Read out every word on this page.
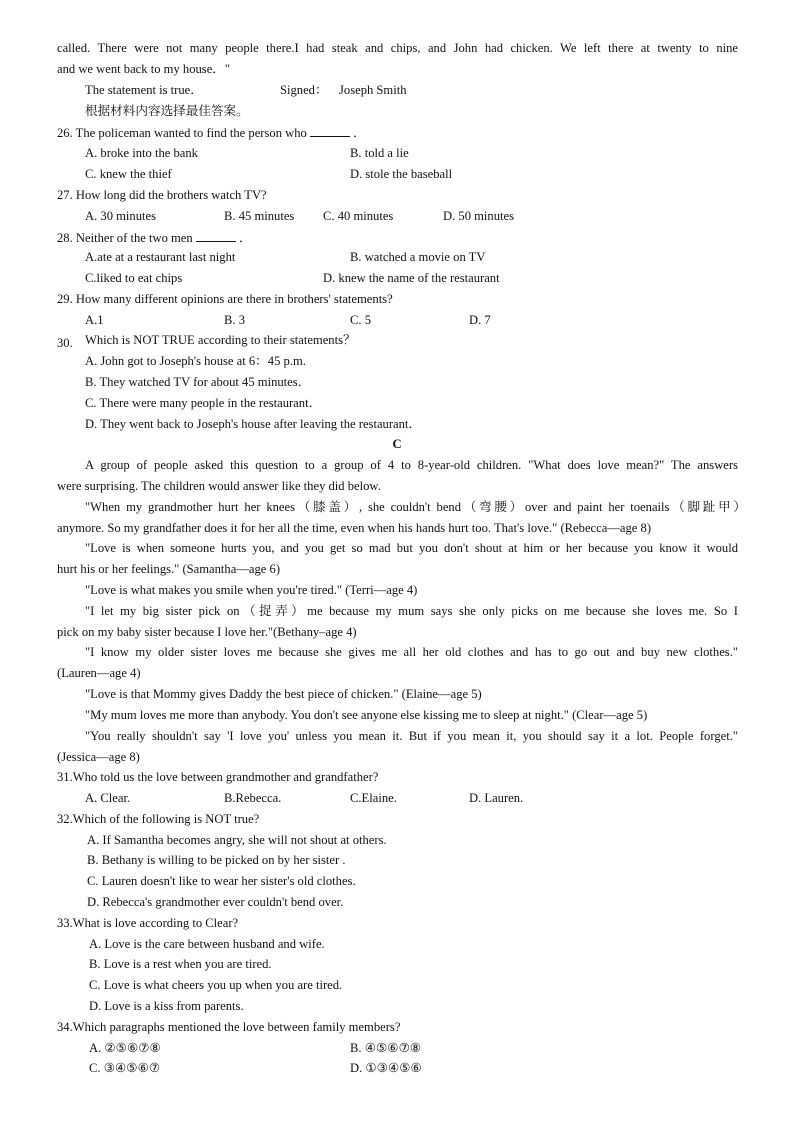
called. There were not many people there.I had steak and chips, and John had chicken. We left there at twenty to nine
and we went back to my house．"
The statement is true．	Signed： Joseph Smith
根据材料内容选择最佳答案。
26. The policeman wanted to find the person who	．
A. broke into the bank	B. told a lie
C. knew the thief	D. stole the baseball
27. How long did the brothers watch TV?
A. 30 minutes	B. 45 minutes C. 40 minutes	D. 50 minutes
28. Neither of the two men	．
A.ate at a restaurant last night	B. watched a movie on TV
C.liked to eat chips	D. knew the name of the restaurant
29. How many different opinions are there in brothers' statements?
A.1	B. 3	C. 5	D. 7
30. Which is NOT TRUE according to their statements？
A. John got to Joseph's house at 6：45 p.m.
B. They watched TV for about 45 minutes．
C. There were many people in the restaurant．
D. They went back to Joseph's house after leaving the restaurant．
C
A group of people asked this question to a group of 4 to 8-year-old children. "What does love mean?" The answers
were surprising. The children would answer like they did below.
"When my grandmother hurt her knees（膝盖）, she couldn't bend（弯腰）over and paint her toenails（脚趾甲）
anymore. So my grandfather does it for her all the time, even when his hands hurt too. That's love." (Rebecca—age 8)
"Love is when someone hurts you, and you get so mad but you don't shout at him or her because you know it would
hurt his or her feelings." (Samantha—age 6)
"Love is what makes you smile when you're tired." (Terri—age 4)
"I let my big sister pick on（捉弄）me because my mum says she only picks on me because she loves me. So I
pick on my baby sister because I love her."(Bethany–age 4)
"I know my older sister loves me because she gives me all her old clothes and has to go out and buy new clothes."
(Lauren—age 4)
"Love is that Mommy gives Daddy the best piece of chicken." (Elaine—age 5)
"My mum loves me more than anybody. You don't see anyone else kissing me to sleep at night." (Clear—age 5)
"You really shouldn't say 'I love you' unless you mean it. But if you mean it, you should say it a lot. People forget."
(Jessica—age 8)
31.Who told us the love between grandmother and grandfather?
A. Clear.	B.Rebecca.	C.Elaine.	D. Lauren.
32.Which of the following is NOT true?
A. If Samantha becomes angry, she will not shout at others.
B. Bethany is willing to be picked on by her sister .
C. Lauren doesn't like to wear her sister's old clothes.
D. Rebecca's grandmother ever couldn't bend over.
33.What is love according to Clear?
A. Love is the care between husband and wife.
B. Love is a rest when you are tired.
C. Love is what cheers you up when you are tired.
D. Love is a kiss from parents.
34.Which paragraphs mentioned the love between family members?
A. ②⑤⑥⑦⑧	B. ④⑤⑥⑦⑧
C. ③④⑤⑥⑦	D. ①③④⑤⑥
